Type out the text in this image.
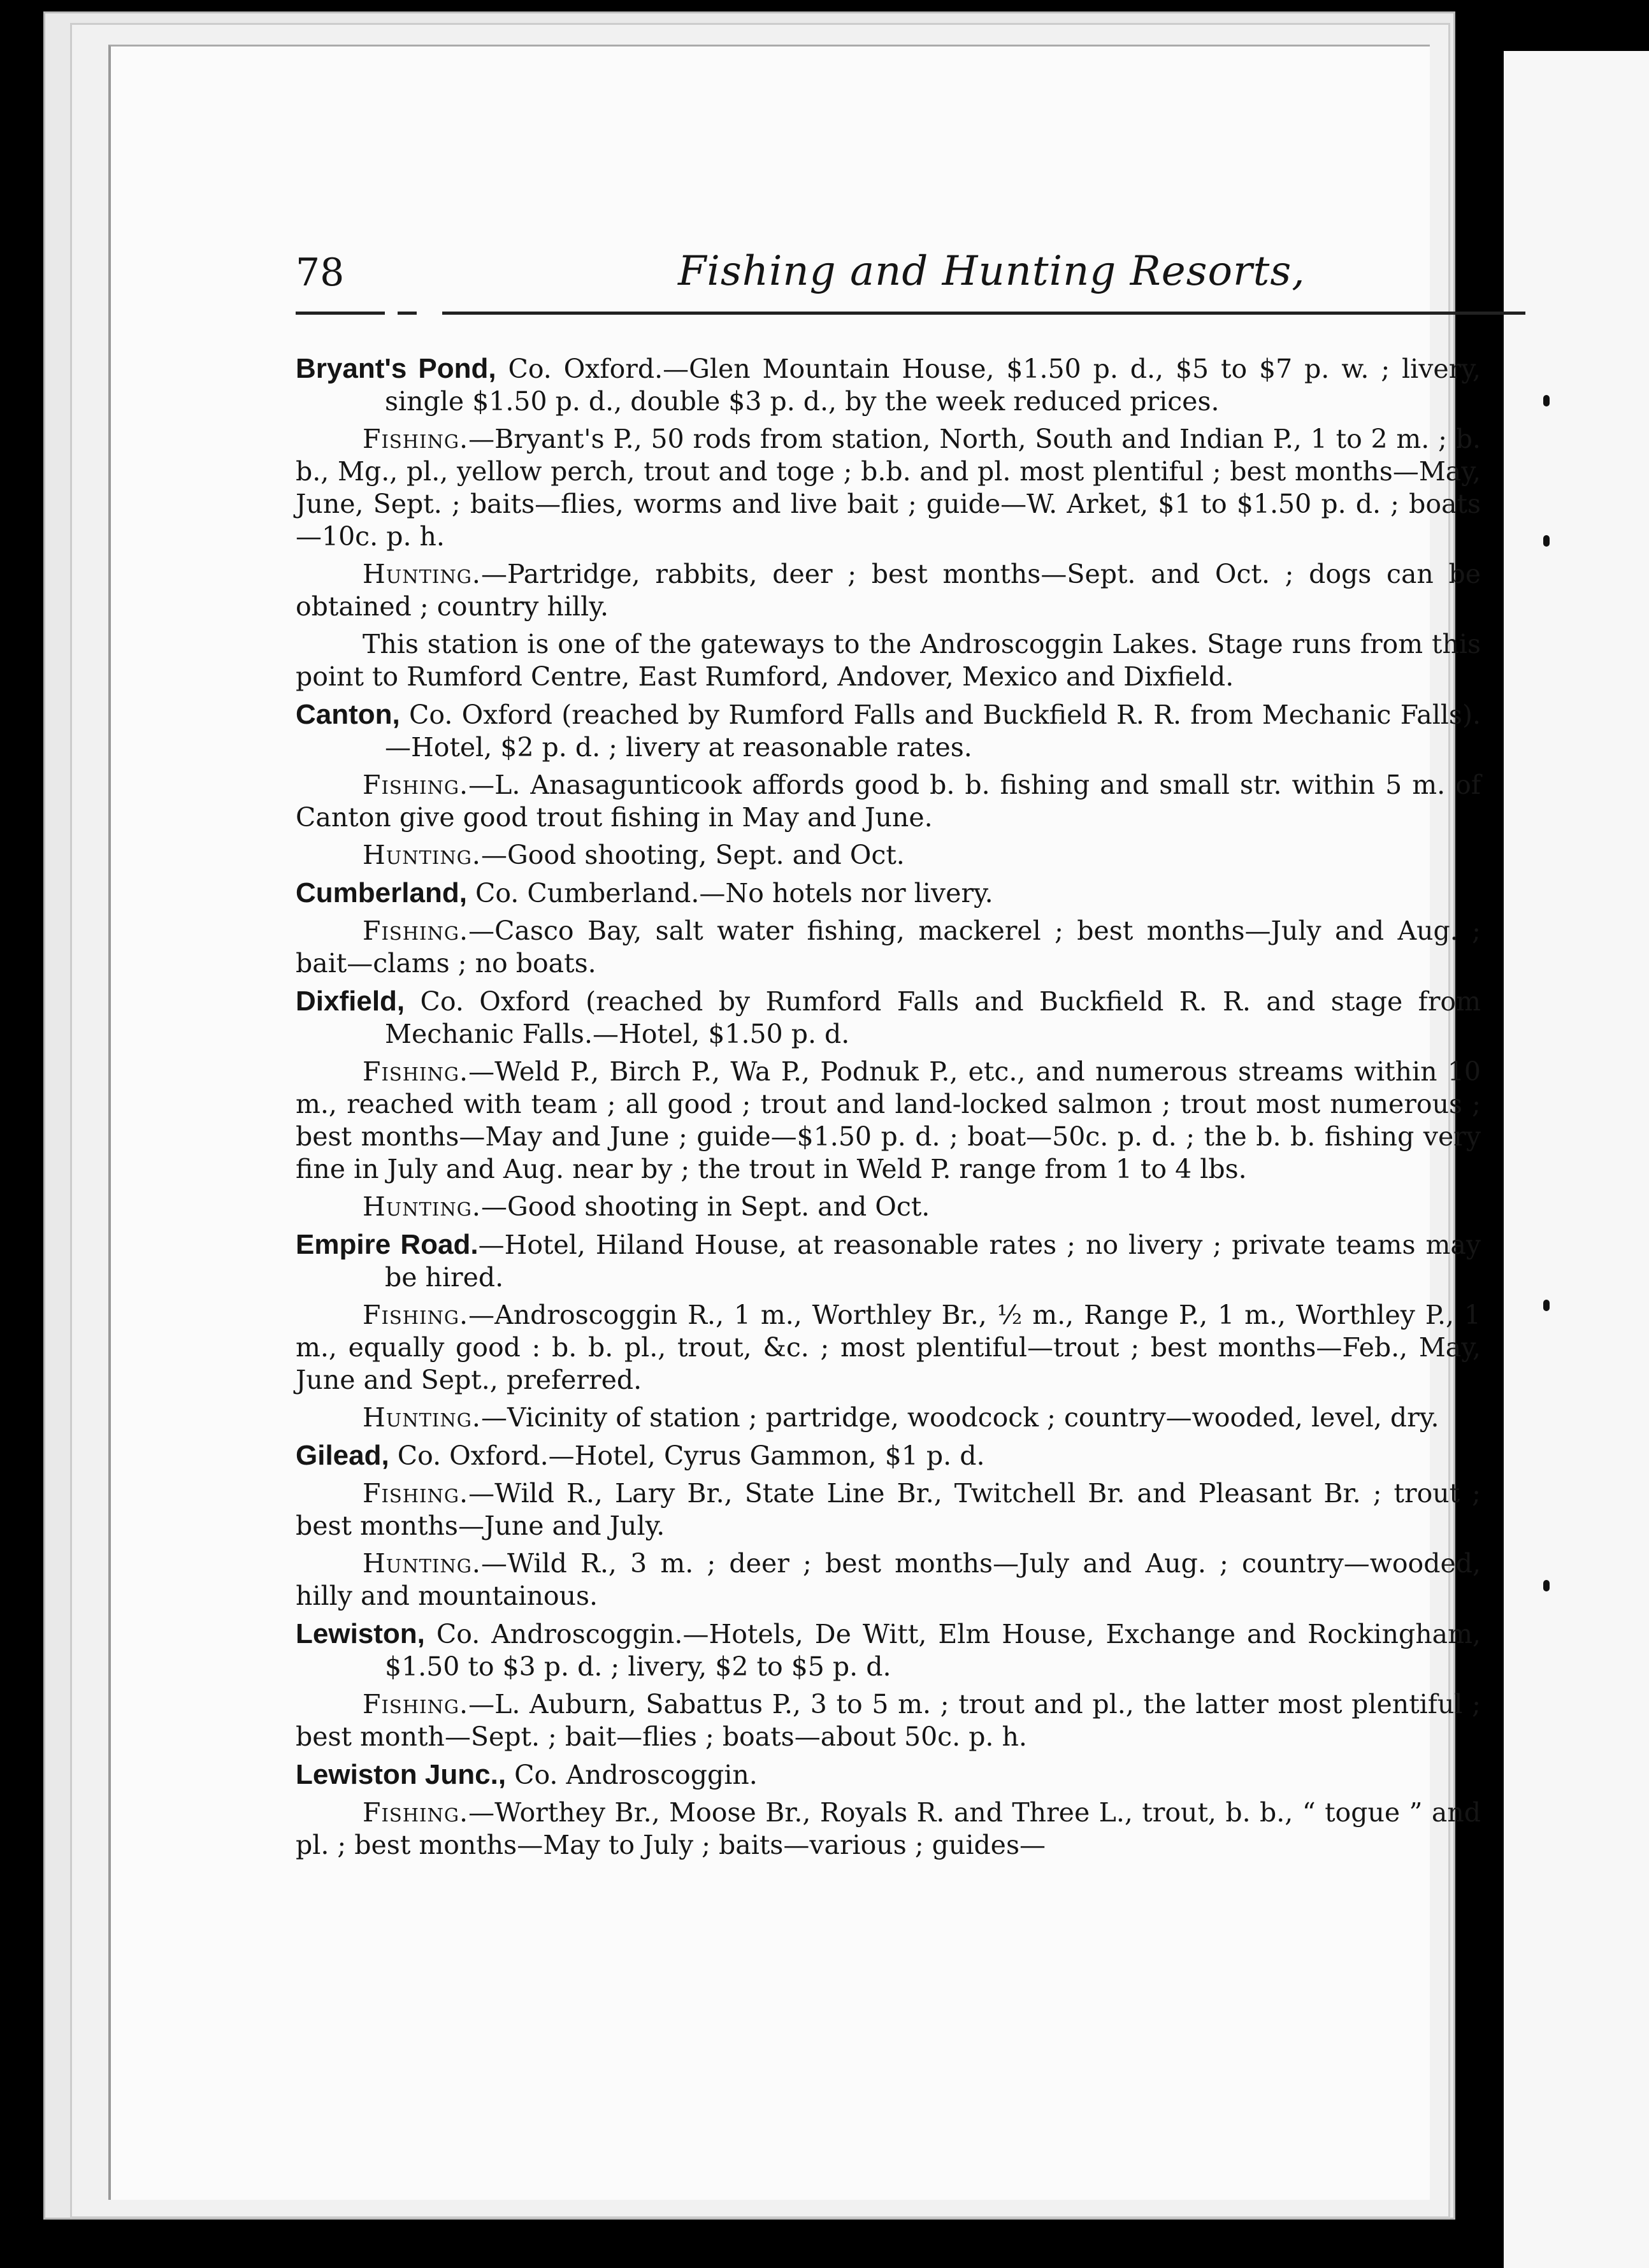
78	Fishing and Hunting Resorts,

Bryant's Pond, Co. Oxford.—Glen Mountain House, $1.50 p. d., $5 to $7 p. w. ; livery, single $1.50 p. d., double $3 p. d., by the week reduced prices.

Fishing.—Bryant's P., 50 rods from station, North, South and Indian P., 1 to 2 m. ; b. b., Mg., pl., yellow perch, trout and toge ; b.b. and pl. most plentiful ; best months—May, June, Sept. ; baits—flies, worms and live bait ; guide—W. Arket, $1 to $1.50 p. d. ; boats—10c. p. h.

Hunting.—Partridge, rabbits, deer ; best months—Sept. and Oct. ; dogs can be obtained ; country hilly.

This station is one of the gateways to the Androscoggin Lakes. Stage runs from this point to Rumford Centre, East Rumford, Andover, Mexico and Dixfield.

Canton, Co. Oxford (reached by Rumford Falls and Buckfield R. R. from Mechanic Falls).—Hotel, $2 p. d. ; livery at reasonable rates.

Fishing.—L. Anasagunticook affords good b. b. fishing and small str. within 5 m. of Canton give good trout fishing in May and June.

Hunting.—Good shooting, Sept. and Oct.

Cumberland, Co. Cumberland.—No hotels nor livery.

Fishing.—Casco Bay, salt water fishing, mackerel ; best months—July and Aug. ; bait—clams ; no boats.

Dixfield, Co. Oxford (reached by Rumford Falls and Buckfield R. R. and stage from Mechanic Falls.—Hotel, $1.50 p. d.

Fishing.—Weld P., Birch P., Wa P., Podnuk P., etc., and numerous streams within 10 m., reached with team ; all good ; trout and land-locked salmon ; trout most numerous ; best months—May and June ; guide—$1.50 p. d. ; boat—50c. p. d. ; the b. b. fishing very fine in July and Aug. near by ; the trout in Weld P. range from 1 to 4 lbs.

Hunting.—Good shooting in Sept. and Oct.

Empire Road.—Hotel, Hiland House, at reasonable rates ; no livery ; private teams may be hired.

Fishing.—Androscoggin R., 1 m., Worthley Br., ½ m., Range P., 1 m., Worthley P., 1 m., equally good : b. b. pl., trout, &c. ; most plentiful—trout ; best months—Feb., May, June and Sept., preferred.

Hunting.—Vicinity of station ; partridge, woodcock ; country—wooded, level, dry.

Gilead, Co. Oxford.—Hotel, Cyrus Gammon, $1 p. d.

Fishing.—Wild R., Lary Br., State Line Br., Twitchell Br. and Pleasant Br. ; trout ; best months—June and July.

Hunting.—Wild R., 3 m. ; deer ; best months—July and Aug. ; country—wooded, hilly and mountainous.

Lewiston, Co. Androscoggin.—Hotels, De Witt, Elm House, Exchange and Rockingham, $1.50 to $3 p. d. ; livery, $2 to $5 p. d.

Fishing.—L. Auburn, Sabattus P., 3 to 5 m. ; trout and pl., the latter most plentiful ; best month—Sept. ; bait—flies ; boats—about 50c. p. h.

Lewiston Junc., Co. Androscoggin.

Fishing.—Worthey Br., Moose Br., Royals R. and Three L., trout, b. b., “ togue ” and pl. ; best months—May to July ; baits—various ; guides—
